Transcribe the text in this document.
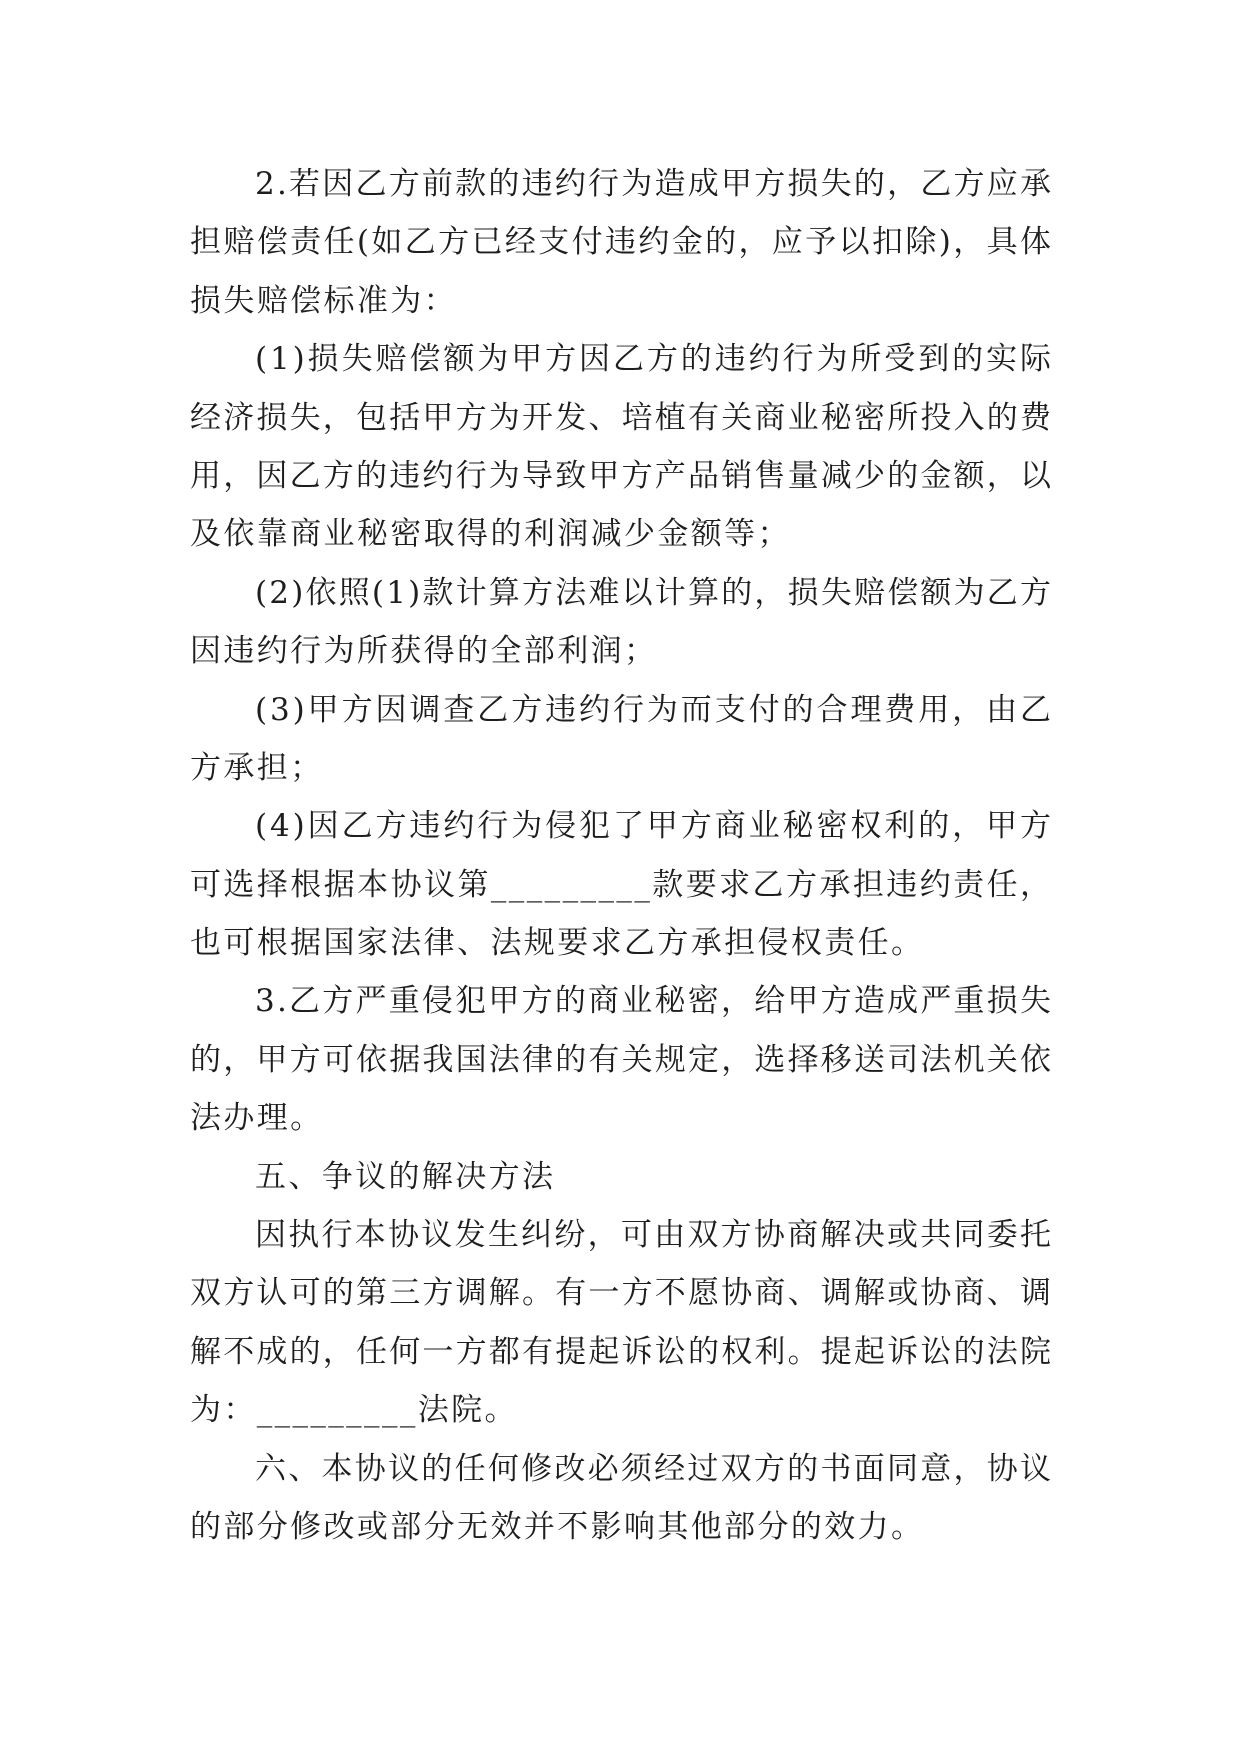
2.若因乙方前款的违约行为造成甲方损失的，乙方应承
担赔偿责任(如乙方已经支付违约金的，应予以扣除)，具体
损失赔偿标准为：
(1)损失赔偿额为甲方因乙方的违约行为所受到的实际
经济损失，包括甲方为开发、培植有关商业秘密所投入的费
用，因乙方的违约行为导致甲方产品销售量减少的金额，以
及依靠商业秘密取得的利润减少金额等；
(2)依照(1)款计算方法难以计算的，损失赔偿额为乙方
因违约行为所获得的全部利润；
(3)甲方因调查乙方违约行为而支付的合理费用，由乙
方承担；
(4)因乙方违约行为侵犯了甲方商业秘密权利的，甲方
可选择根据本协议第_________款要求乙方承担违约责任，
也可根据国家法律、法规要求乙方承担侵权责任。
3.乙方严重侵犯甲方的商业秘密，给甲方造成严重损失
的，甲方可依据我国法律的有关规定，选择移送司法机关依
法办理。
五、争议的解决方法
因执行本协议发生纠纷，可由双方协商解决或共同委托
双方认可的第三方调解。有一方不愿协商、调解或协商、调
解不成的，任何一方都有提起诉讼的权利。提起诉讼的法院
为：_________法院。
六、本协议的任何修改必须经过双方的书面同意，协议
的部分修改或部分无效并不影响其他部分的效力。
